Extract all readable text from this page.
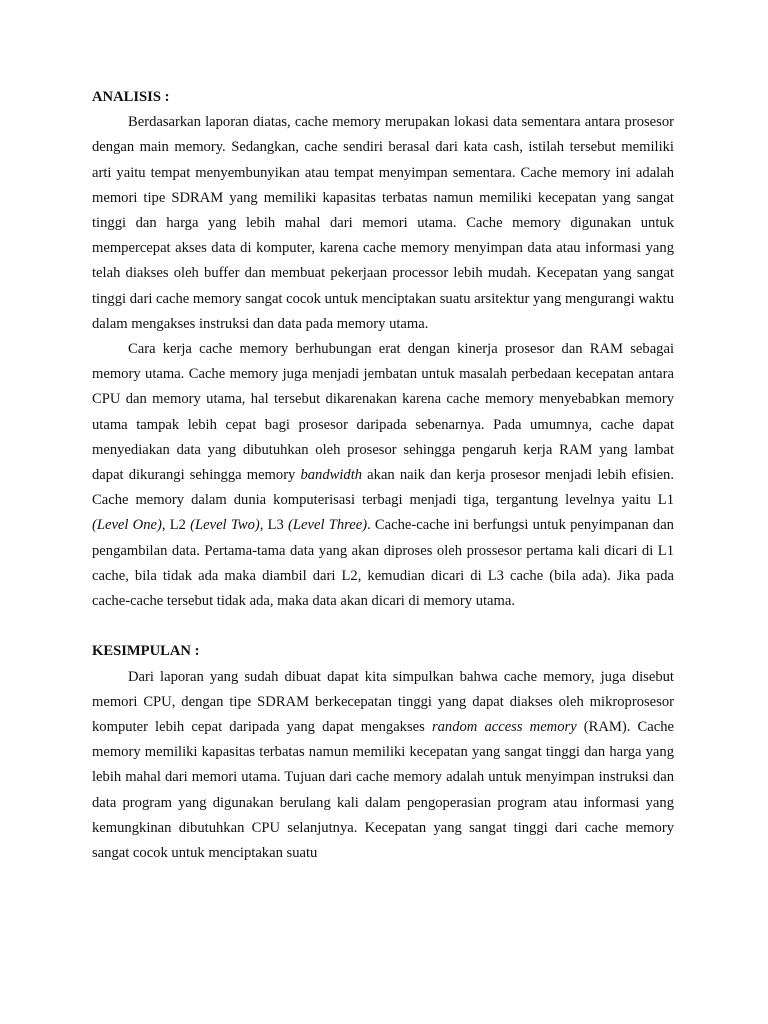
ANALISIS :

Berdasarkan laporan diatas, cache memory merupakan lokasi data sementara antara prosesor dengan main memory. Sedangkan, cache sendiri berasal dari kata cash, istilah tersebut memiliki arti yaitu tempat menyembunyikan atau tempat menyimpan sementara. Cache memory ini adalah memori tipe SDRAM yang memiliki kapasitas terbatas namun memiliki kecepatan yang sangat tinggi dan harga yang lebih mahal dari memori utama. Cache memory digunakan untuk mempercepat akses data di komputer, karena cache memory menyimpan data atau informasi yang telah diakses oleh buffer dan membuat pekerjaan processor lebih mudah. Kecepatan yang sangat tinggi dari cache memory sangat cocok untuk menciptakan suatu arsitektur yang mengurangi waktu dalam mengakses instruksi dan data pada memory utama.

Cara kerja cache memory berhubungan erat dengan kinerja prosesor dan RAM sebagai memory utama. Cache memory juga menjadi jembatan untuk masalah perbedaan kecepatan antara CPU dan memory utama, hal tersebut dikarenakan karena cache memory menyebabkan memory utama tampak lebih cepat bagi prosesor daripada sebenarnya. Pada umumnya, cache dapat menyediakan data yang dibutuhkan oleh prosesor sehingga pengaruh kerja RAM yang lambat dapat dikurangi sehingga memory bandwidth akan naik dan kerja prosesor menjadi lebih efisien. Cache memory dalam dunia komputerisasi terbagi menjadi tiga, tergantung levelnya yaitu L1 (Level One), L2 (Level Two), L3 (Level Three). Cache-cache ini berfungsi untuk penyimpanan dan pengambilan data. Pertama-tama data yang akan diproses oleh prossesor pertama kali dicari di L1 cache, bila tidak ada maka diambil dari L2, kemudian dicari di L3 cache (bila ada). Jika pada cache-cache tersebut tidak ada, maka data akan dicari di memory utama.

KESIMPULAN :

Dari laporan yang sudah dibuat dapat kita simpulkan bahwa cache memory, juga disebut memori CPU, dengan tipe SDRAM berkecepatan tinggi yang dapat diakses oleh mikroprosesor komputer lebih cepat daripada yang dapat mengakses random access memory (RAM). Cache memory memiliki kapasitas terbatas namun memiliki kecepatan yang sangat tinggi dan harga yang lebih mahal dari memori utama. Tujuan dari cache memory adalah untuk menyimpan instruksi dan data program yang digunakan berulang kali dalam pengoperasian program atau informasi yang kemungkinan dibutuhkan CPU selanjutnya. Kecepatan yang sangat tinggi dari cache memory sangat cocok untuk menciptakan suatu
